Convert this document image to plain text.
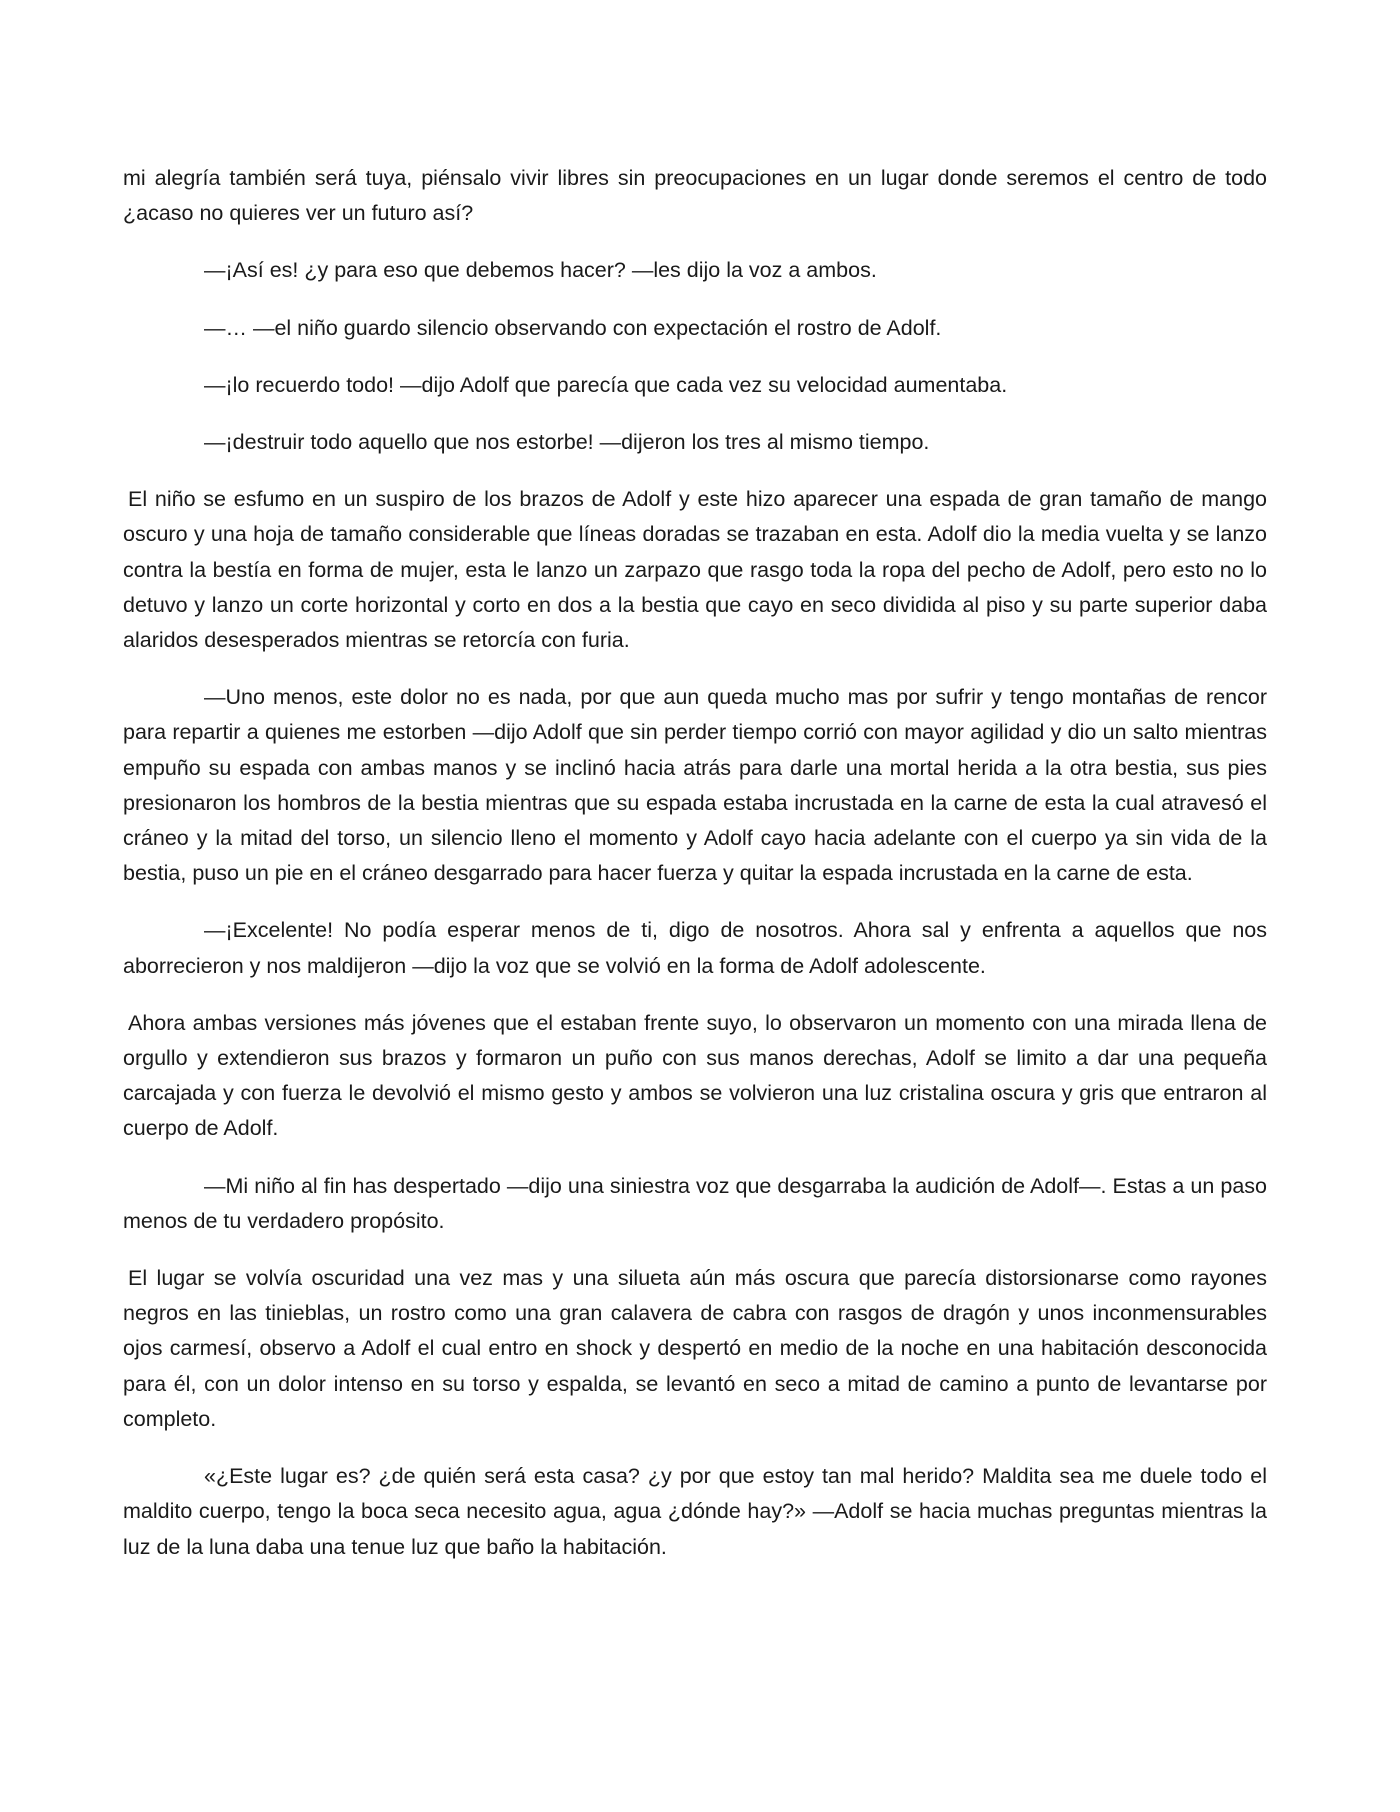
mi alegría también será tuya, piénsalo vivir libres sin preocupaciones en un lugar donde seremos el centro de todo ¿acaso no quieres ver un futuro así?

—¡Así es! ¿y para eso que debemos hacer? —les dijo la voz a ambos.

—… —el niño guardo silencio observando con expectación el rostro de Adolf.

—¡lo recuerdo todo! —dijo Adolf que parecía que cada vez su velocidad aumentaba.

—¡destruir todo aquello que nos estorbe! —dijeron los tres al mismo tiempo.

El niño se esfumo en un suspiro de los brazos de Adolf y este hizo aparecer una espada de gran tamaño de mango oscuro y una hoja de tamaño considerable que líneas doradas se trazaban en esta. Adolf dio la media vuelta y se lanzo contra la bestía en forma de mujer, esta le lanzo un zarpazo que rasgo toda la ropa del pecho de Adolf, pero esto no lo detuvo y lanzo un corte horizontal y corto en dos a la bestia que cayo en seco dividida al piso y su parte superior daba alaridos desesperados mientras se retorcía con furia.

—Uno menos, este dolor no es nada, por que aun queda mucho mas por sufrir y tengo montañas de rencor para repartir a quienes me estorben —dijo Adolf que sin perder tiempo corrió con mayor agilidad y dio un salto mientras empuño su espada con ambas manos y se inclinó hacia atrás para darle una mortal herida a la otra bestia, sus pies presionaron los hombros de la bestia mientras que su espada estaba incrustada en la carne de esta la cual atravesó el cráneo y la mitad del torso, un silencio lleno el momento y Adolf cayo hacia adelante con el cuerpo ya sin vida de la bestia, puso un pie en el cráneo desgarrado para hacer fuerza y quitar la espada incrustada en la carne de esta.

—¡Excelente! No podía esperar menos de ti, digo de nosotros. Ahora sal y enfrenta a aquellos que nos aborrecieron y nos maldijeron —dijo la voz que se volvió en la forma de Adolf adolescente.

Ahora ambas versiones más jóvenes que el estaban frente suyo, lo observaron un momento con una mirada llena de orgullo y extendieron sus brazos y formaron un puño con sus manos derechas, Adolf se limito a dar una pequeña carcajada y con fuerza le devolvió el mismo gesto y ambos se volvieron una luz cristalina oscura y gris que entraron al cuerpo de Adolf.

—Mi niño al fin has despertado —dijo una siniestra voz que desgarraba la audición de Adolf—. Estas a un paso menos de tu verdadero propósito.

El lugar se volvía oscuridad una vez mas y una silueta aún más oscura que parecía distorsionarse como rayones negros en las tinieblas, un rostro como una gran calavera de cabra con rasgos de dragón y unos inconmensurables ojos carmesí, observo a Adolf el cual entro en shock y despertó en medio de la noche en una habitación desconocida para él, con un dolor intenso en su torso y espalda, se levantó en seco a mitad de camino a punto de levantarse por completo.

«¿Este lugar es? ¿de quién será esta casa? ¿y por que estoy tan mal herido? Maldita sea me duele todo el maldito cuerpo, tengo la boca seca necesito agua, agua ¿dónde hay?» —Adolf se hacia muchas preguntas mientras la luz de la luna daba una tenue luz que baño la habitación.
